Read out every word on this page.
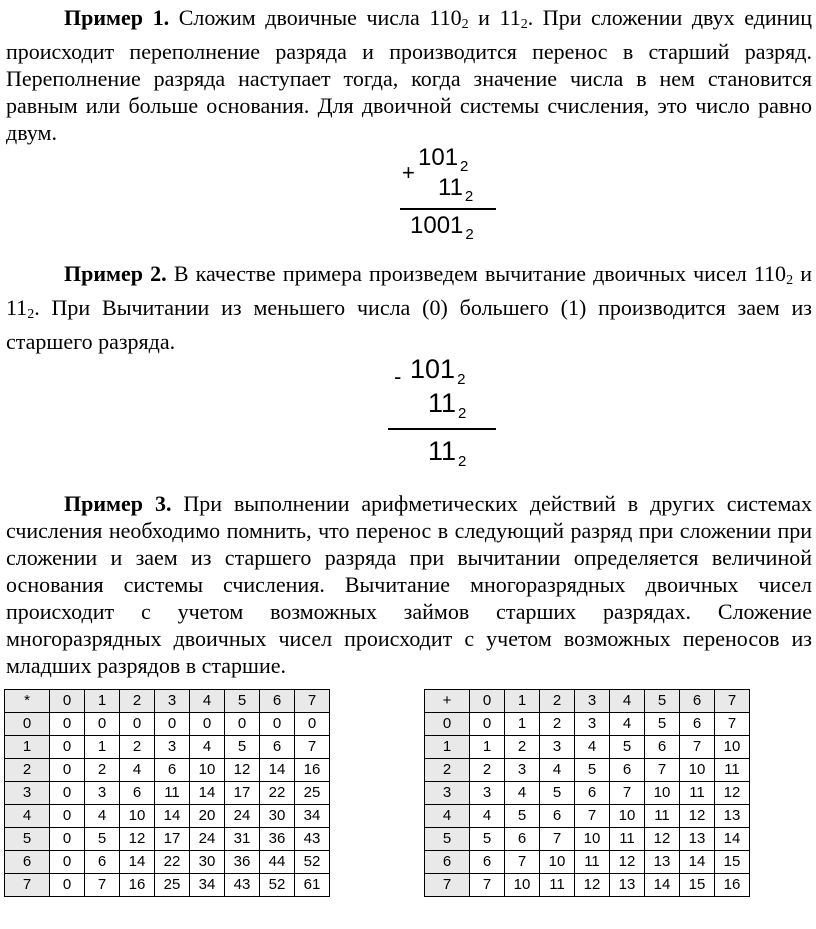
Пример 1. Сложим двоичные числа $110_2$ и $11_2$. При сложении двух единиц происходит переполнение разряда и производится перенос в старший разряд. Переполнение разряда наступает тогда, когда значение числа в нем становится равным или больше основания. Для двоичной системы счисления, это число равно двум.
+
101 $_2$
11 $_2$
1001 $_2$
Пример 2. В качестве примера произведем вычитание двоичных чисел $110_2$ и $11_2$. При Вычитании из меньшего числа (0) большего (1) производится заем из старшего разряда.
- 101 $_2$
11 $_2$
11 $_2$
Пример 3. При выполнении арифметических действий в других системах счисления необходимо помнить, что перенос в следующий разряд при сложении при сложении и заем из старшего разряда при вычитании определяется величиной основания системы счисления. Вычитание многоразрядных двоичных чисел происходит с учетом возможных займов старших разрядах. Сложение многоразрядных двоичных чисел происходит с учетом возможных переносов из младших разрядов в старшие.
*	0	1	2	3	4	5	6	7
0	0	0	0	0	0	0	0	0
1	0	1	2	3	4	5	6	7
2	0	2	4	6	10	12	14	16
3	0	3	6	11	14	17	22	25
4	0	4	10	14	20	24	30	34
5	0	5	12	17	24	31	36	43
6	0	6	14	22	30	36	44	52
7	0	7	16	25	34	43	52	61
+	0	1	2	3	4	5	6	7
0	0	1	2	3	4	5	6	7
1	1	2	3	4	5	6	7	10
2	2	3	4	5	6	7	10	11
3	3	4	5	6	7	10	11	12
4	4	5	6	7	10	11	12	13
5	5	6	7	10	11	12	13	14
6	6	7	10	11	12	13	14	15
7	7	10	11	12	13	14	15	16
